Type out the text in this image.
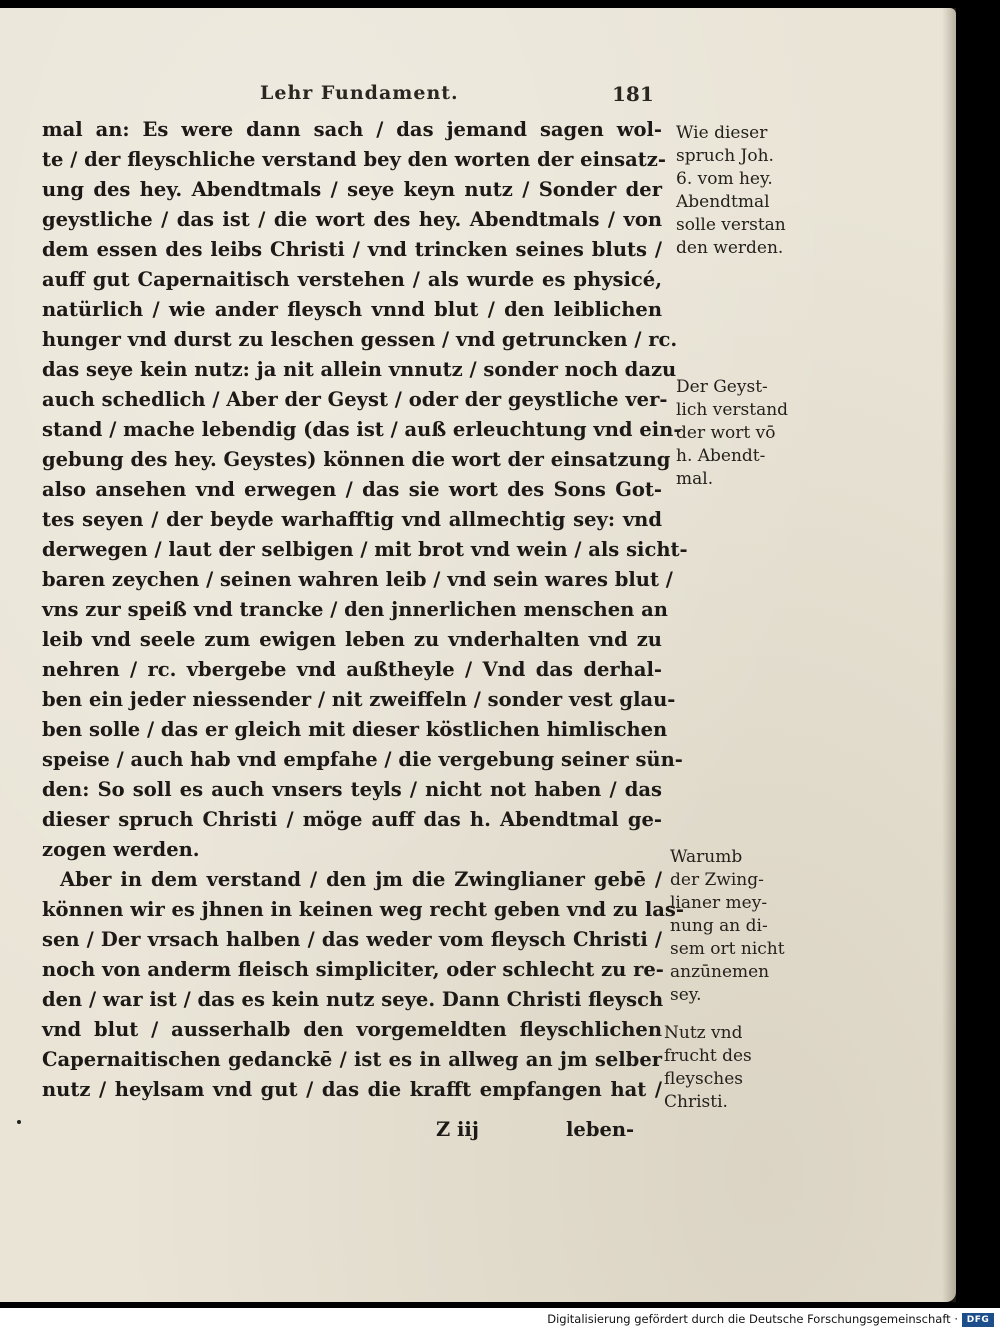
Lehr Fundament.	181
mal an: Es were dann sach / das jemand sagen wol-
te / der fleyschliche verstand bey den worten der einsatz-
ung des hey. Abendtmals / seye keyn nutz / Sonder der
geystliche / das ist / die wort des hey. Abendtmals / von
dem essen des leibs Christi / vnd trincken seines bluts /
auff gut Capernaitisch verstehen / als wurde es physicé,
natürlich / wie ander fleysch vnnd blut / den leiblichen
hunger vnd durst zu leschen gessen / vnd getruncken / rc.
das seye kein nutz: ja nit allein vnnutz / sonder noch dazu
auch schedlich / Aber der Geyst / oder der geystliche ver-
stand / mache lebendig (das ist / auß erleuchtung vnd ein-
gebung des hey. Geystes) können die wort der einsatzung
also ansehen vnd erwegen / das sie wort des Sons Got-
tes seyen / der beyde warhafftig vnd allmechtig sey: vnd
derwegen / laut der selbigen / mit brot vnd wein / als sicht-
baren zeychen / seinen wahren leib / vnd sein wares blut /
vns zur speiß vnd trancke / den jnnerlichen menschen an
leib vnd seele zum ewigen leben zu vnderhalten vnd zu
nehren / rc. vbergebe vnd außtheyle / Vnd das derhal-
ben ein jeder niessender / nit zweiffeln / sonder vest glau-
ben solle / das er gleich mit dieser köstlichen himlischen
speise / auch hab vnd empfahe / die vergebung seiner sün-
den: So soll es auch vnsers teyls / nicht not haben / das
dieser spruch Christi / möge auff das h. Abendtmal ge-
zogen werden.
Aber in dem verstand / den jm die Zwinglianer gebē /
können wir es jhnen in keinen weg recht geben vnd zu las-
sen / Der vrsach halben / das weder vom fleysch Christi /
noch von anderm fleisch simpliciter, oder schlecht zu re-
den / war ist / das es kein nutz seye. Dann Christi fleysch
vnd blut / ausserhalb den vorgemeldten fleyschlichen
Capernaitischen gedanckē / ist es in allweg an jm selber
nutz / heylsam vnd gut / das die krafft empfangen hat /
Z iij	leben-
Wie dieser
spruch Joh.
6. vom hey.
Abendtmal
solle verstan
den werden.
Der Geyst-
lich verstand
der wort vō
h. Abendt-
mal.
Warumb
der Zwing-
lianer mey-
nung an di-
sem ort nicht
anzūnemen
sey.
Nutz vnd
frucht des
fleysches
Christi.
Digitalisierung gefördert durch die Deutsche Forschungsgemeinschaft · DFG
